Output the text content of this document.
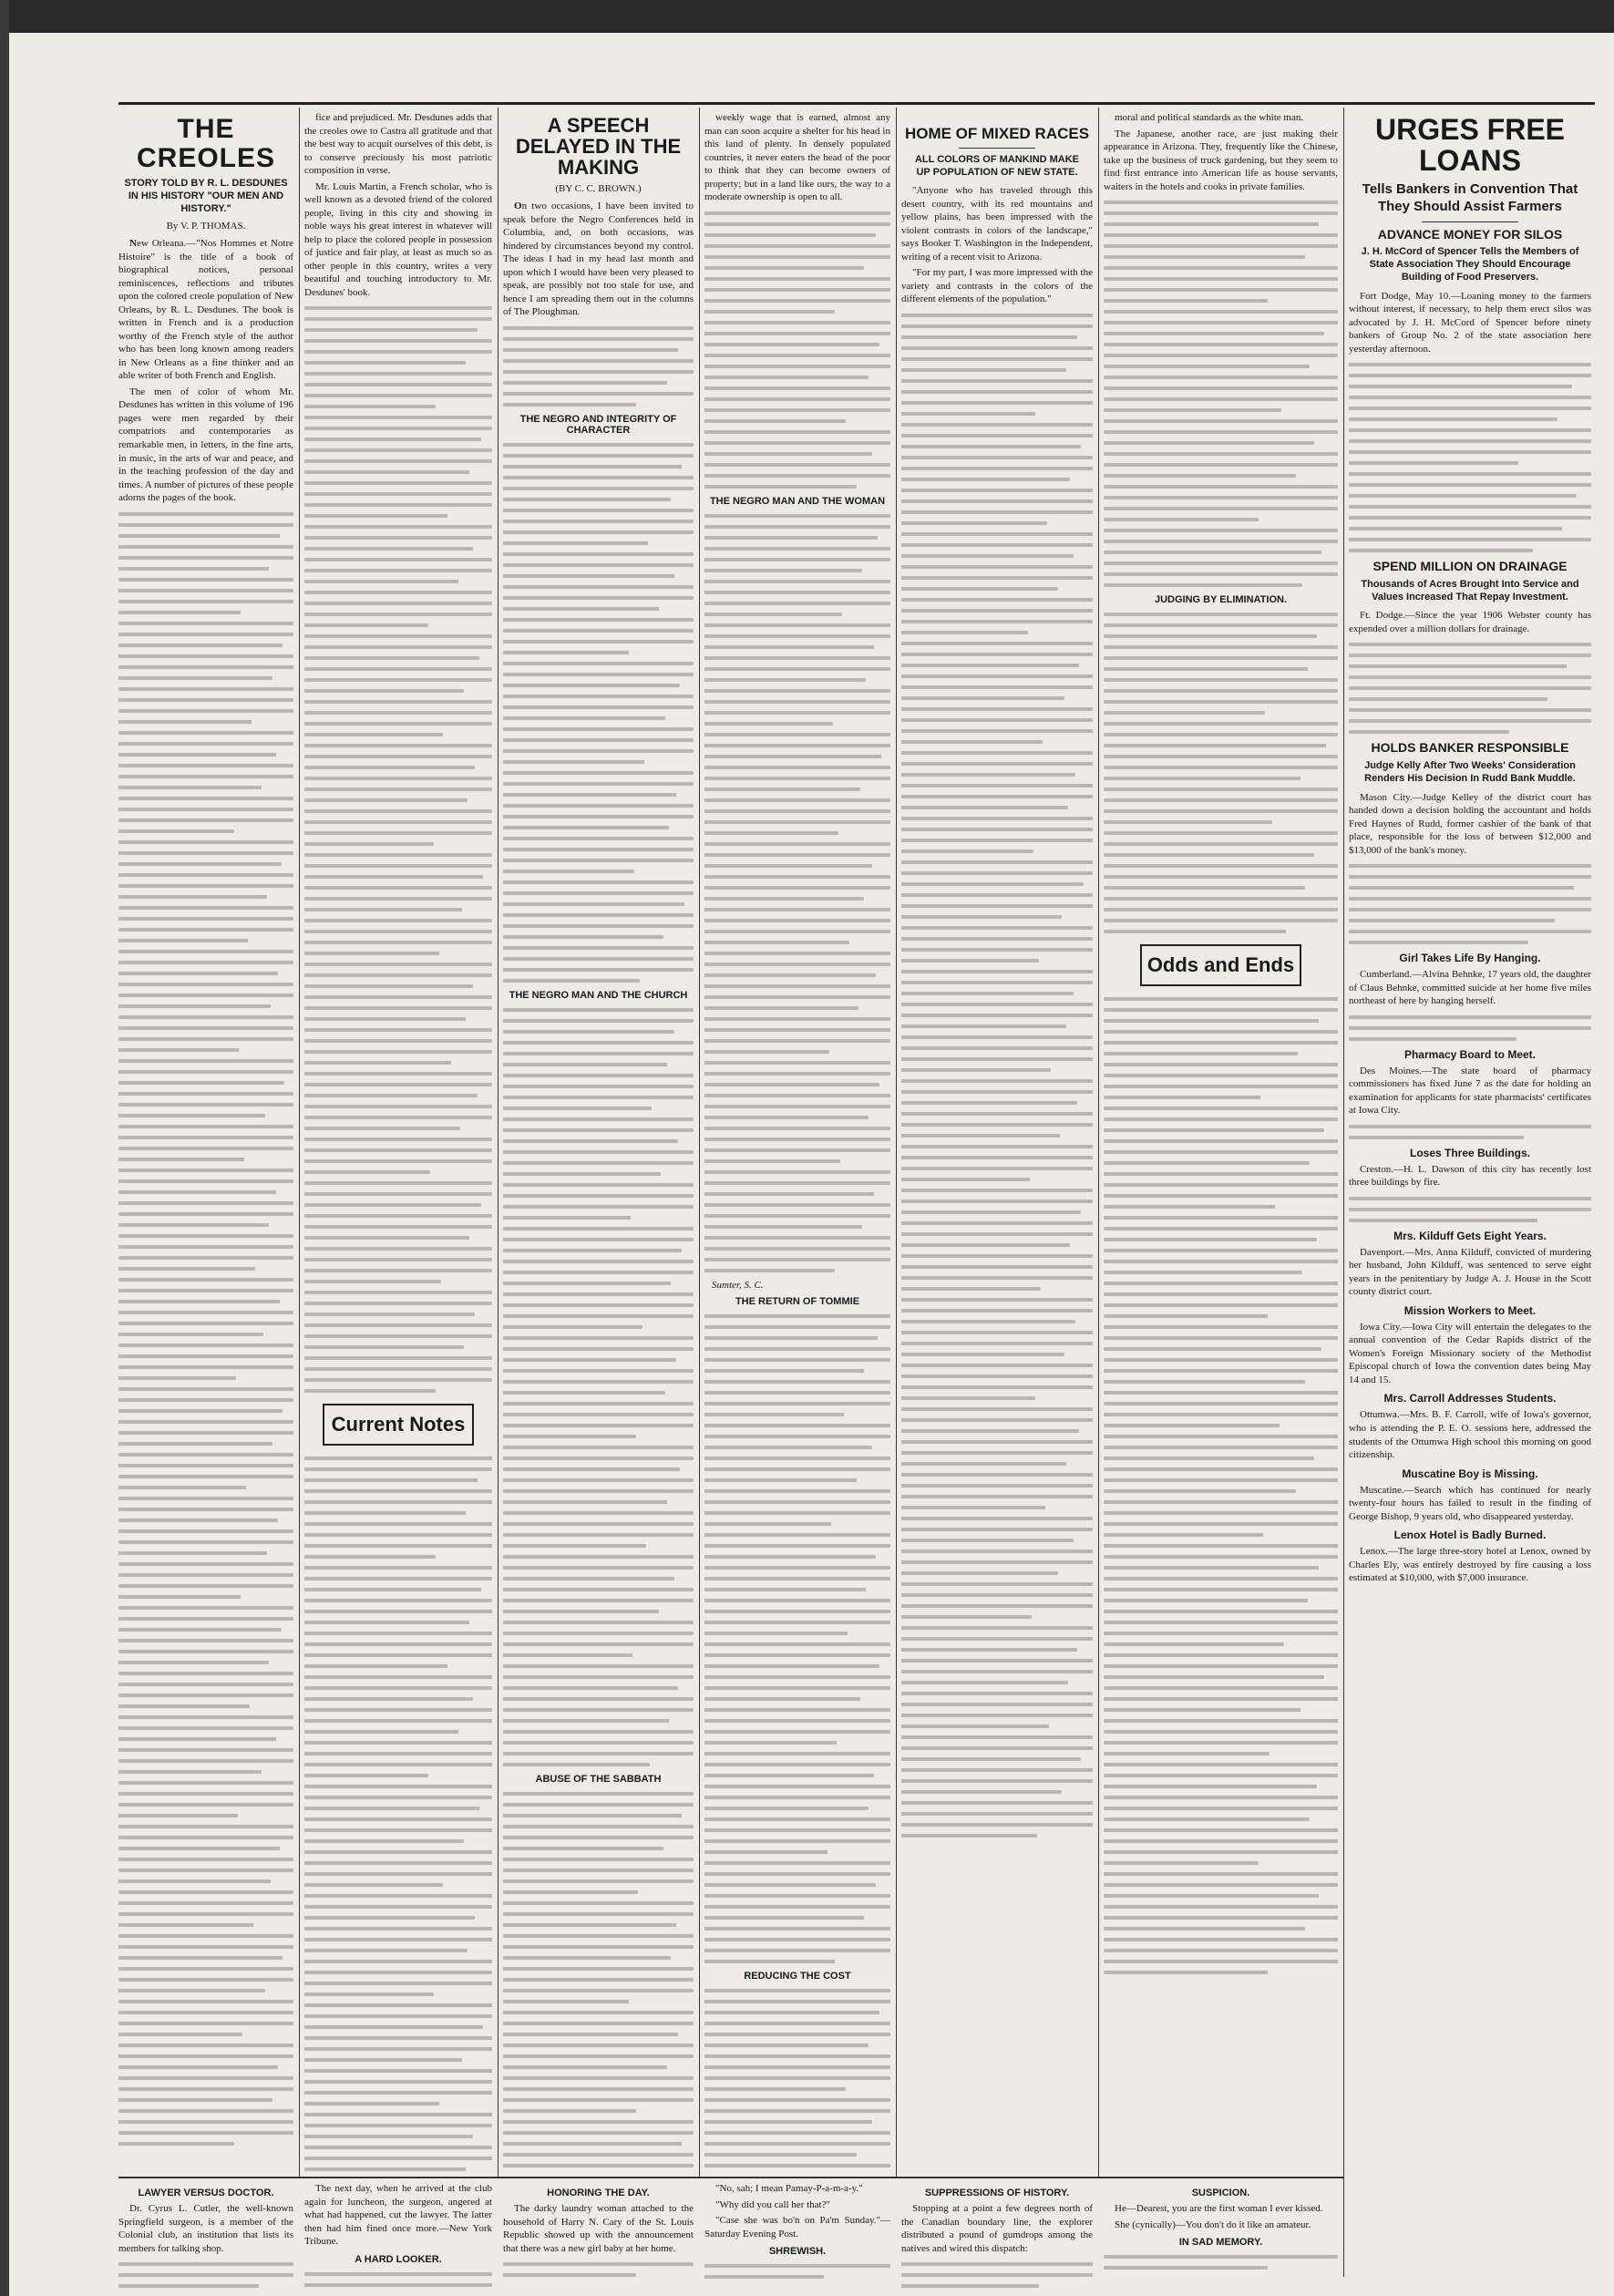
THE CREOLES
STORY TOLD BY R. L. DESDUNES IN HIS HISTORY "OUR MEN AND HISTORY."
By V. P. THOMAS.

New Orleana.—"Nos Hommes et Notre Histoire" is the title of a book of biographical notices, personal reminiscences, reflections and tributes upon the colored creole population of New Orleans, by R. L. Desdunes. The book is written in French and is a production worthy of the French style of the author who has been long known among readers in New Orleans as a fine thinker and an able writer of both French and English.

The men of color of whom Mr. Desdunes has written in this volume of 196 pages were men regarded by their compatriots and contemporaries as remarkable men, in letters, in the fine arts, in music, in the arts of war and peace, and in the teaching profession of the day and times. A number of pictures of these people adorns the pages of the book.

fice and prejudiced. Mr. Desdunes adds that the creoles owe to Castra all gratitude and that the best way to acquit ourselves of this debt, is to conserve preciously his most patriotic composition in verse.

Mr. Louis Martin, a French scholar, who is well known as a devoted friend of the colored people, living in this city and showing in noble ways his great interest in whatever will help to place the colored people in possession of justice and fair play, at least as much so as other people in this country, writes a very beautiful and touching introductory to Mr. Desdunes' book.

Current Notes
A SPEECH DELAYED IN THE MAKING
(BY C. C. BROWN.)

On two occasions, I have been invited to speak before the Negro Conferences held in Columbia, and, on both occasions, was hindered by circumstances beyond my control. The ideas I had in my head last month and upon which I would have been very pleased to speak, are possibly not too stale for use, and hence I am spreading them out in the columns of The Ploughman.

THE NEGRO AND INTEGRITY OF CHARACTER
THE NEGRO MAN AND THE CHURCH
ABUSE OF THE SABBATH

weekly wage that is earned, almost any man can soon acquire a shelter for his head in this land of plenty. In densely populated countries, it never enters the head of the poor to think that they can become owners of property; but in a land like ours, the way to a moderate ownership is open to all.

THE NEGRO MAN AND THE WOMAN
Sumter, S. C.
THE RETURN OF TOMMIE
REDUCING THE COST
HOME OF MIXED RACES
ALL COLORS OF MANKIND MAKE UP POPULATION OF NEW STATE.

"Anyone who has traveled through this desert country, with its red mountains and yellow plains, has been impressed with the violent contrasts in colors of the landscape," says Booker T. Washington in the Independent, writing of a recent visit to Arizona.

"For my part, I was more impressed with the variety and contrasts in the colors of the different elements of the population."

moral and political standards as the white man.

The Japanese, another race, are just making their appearance in Arizona. They, frequently like the Chinese, take up the business of truck gardening, but they seem to find first entrance into American life as house servants, waiters in the hotels and cooks in private families.

JUDGING BY ELIMINATION.
Odds and Ends
URGES FREE LOANS
Tells Bankers in Convention That They Should Assist Farmers
ADVANCE MONEY FOR SILOS
J. H. McCord of Spencer Tells the Members of State Association They Should Encourage Building of Food Preservers.

Fort Dodge, May 10.—Loaning money to the farmers without interest, if necessary, to help them erect silos was advocated by J. H. McCord of Spencer before ninety bankers of Group No. 2 of the state association here yesterday afternoon.

SPEND MILLION ON DRAINAGE
Thousands of Acres Brought Into Service and Values Increased That Repay Investment.

Ft. Dodge.—Since the year 1906 Webster county has expended over a million dollars for drainage.

HOLDS BANKER RESPONSIBLE
Judge Kelly After Two Weeks' Consideration Renders His Decision In Rudd Bank Muddle.

Mason City.—Judge Kelley of the district court has handed down a decision holding the accountant and holds Fred Haynes of Rudd, former cashier of the bank of that place, responsible for the loss of between $12,000 and $13,000 of the bank's money.

Girl Takes Life By Hanging.

Cumberland.—Alvina Behnke, 17 years old, the daughter of Claus Behnke, committed suicide at her home five miles northeast of here by hanging herself.

Pharmacy Board to Meet.

Des Moines.—The state board of pharmacy commissioners has fixed June 7 as the date for holding an examination for applicants for state pharmacists' certificates at Iowa City.

Loses Three Buildings.

Creston.—H. L. Dawson of this city has recently lost three buildings by fire.

Mrs. Kilduff Gets Eight Years.

Davenport.—Mrs. Anna Kilduff, convicted of murdering her husband, John Kilduff, was sentenced to serve eight years in the penitentiary by Judge A. J. House in the Scott county district court.

Mission Workers to Meet.

Iowa City.—Iowa City will entertain the delegates to the annual convention of the Cedar Rapids district of the Women's Foreign Missionary society of the Methodist Episcopal church of Iowa the convention dates being May 14 and 15.

Mrs. Carroll Addresses Students.

Ottumwa.—Mrs. B. F. Carroll, wife of Iowa's governor, who is attending the P. E. O. sessions here, addressed the students of the Ottumwa High school this morning on good citizenship.

Muscatine Boy is Missing.

Muscatine.—Search which has continued for nearly twenty-four hours has failed to result in the finding of George Bishop, 9 years old, who disappeared yesterday.

Lenox Hotel is Badly Burned.

Lenox.—The large three-story hotel at Lenox, owned by Charles Ely, was entirely destroyed by fire causing a loss estimated at $10,000, with $7,000 insurance.

LAWYER VERSUS DOCTOR.

Dr. Cyrus L. Cutler, the well-known Springfield surgeon, is a member of the Colonial club, an institution that lists its members for talking shop.

The next day, when he arrived at the club again for luncheon, the surgeon, angered at what had happened, cut the lawyer. The latter then had him fined once more.—New York Tribune.

A HARD LOOKER.
HONORING THE DAY.

The darky laundry woman attached to the household of Harry N. Cary of the St. Louis Republic showed up with the announcement that there was a new girl baby at her home.

"No, sah; I mean Pamay-P-a-m-a-y."

"Why did you call her that?"

"Case she was bo'n on Pa'm Sunday."—Saturday Evening Post.

SHREWISH.
SUPPRESSIONS OF HISTORY.

Stopping at a point a few degrees north of the Canadian boundary line, the explorer distributed a pound of gumdrops among the natives and wired this dispatch:

SUSPICION.

He—Dearest, you are the first woman I ever kissed.

She (cynically)—You don't do it like an amateur.

IN SAD MEMORY.
